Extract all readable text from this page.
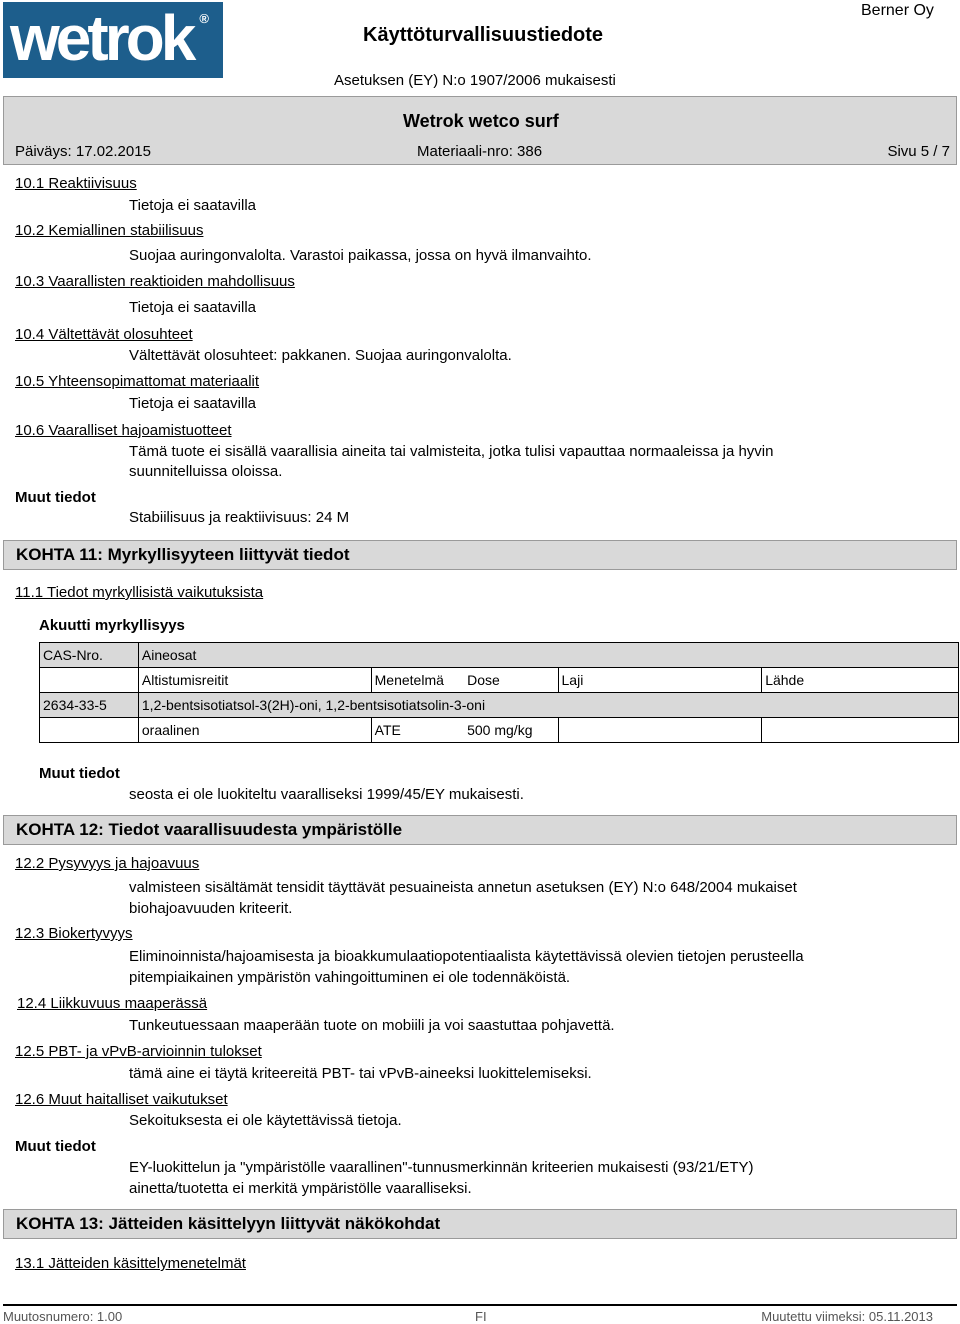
wetrok ®
Käyttöturvallisuustiedote
Berner Oy
Asetuksen (EY) N:o 1907/2006 mukaisesti
Wetrok wetco surf
Päiväys: 17.02.2015	Materiaali-nro: 386	Sivu 5 / 7
10.1 Reaktiivisuus
Tietoja ei saatavilla
10.2 Kemiallinen stabiilisuus
Suojaa auringonvalolta. Varastoi paikassa, jossa on hyvä ilmanvaihto.
10.3 Vaarallisten reaktioiden mahdollisuus
Tietoja ei saatavilla
10.4 Vältettävät olosuhteet
Vältettävät olosuhteet: pakkanen. Suojaa auringonvalolta.
10.5 Yhteensopimattomat materiaalit
Tietoja ei saatavilla
10.6 Vaaralliset hajoamistuotteet
Tämä tuote ei sisällä vaarallisia aineita tai valmisteita, jotka tulisi vapauttaa normaaleissa ja hyvin
suunnitelluissa oloissa.
Muut tiedot
Stabiilisuus ja reaktiivisuus: 24 M
KOHTA 11: Myrkyllisyyteen liittyvät tiedot
11.1 Tiedot myrkyllisistä vaikutuksista
Akuutti myrkyllisyys
CAS-Nro.	Aineosat				
	Altistumisreitit	Menetelmä	Dose	Laji	Lähde
2634-33-5	1,2-bentsisotiatsol-3(2H)-oni, 1,2-bentsisotiatsolin-3-oni				
	oraalinen	ATE	500 mg/kg		
Muut tiedot
seosta ei ole luokiteltu vaaralliseksi 1999/45/EY mukaisesti.
KOHTA 12: Tiedot vaarallisuudesta ympäristölle
12.2 Pysyvyys ja hajoavuus
valmisteen sisältämät tensidit täyttävät pesuaineista annetun asetuksen (EY) N:o 648/2004 mukaiset
biohajoavuuden kriteerit.
12.3 Biokertyvyys
Eliminoinnista/hajoamisesta ja bioakkumulaatiopotentiaalista käytettävissä olevien tietojen perusteella
pitempiaikainen ympäristön vahingoittuminen ei ole todennäköistä.
12.4 Liikkuvuus maaperässä
Tunkeutuessaan maaperään tuote on mobiili ja voi saastuttaa pohjavettä.
12.5 PBT- ja vPvB-arvioinnin tulokset
tämä aine ei täytä kriteereitä PBT- tai vPvB-aineeksi luokittelemiseksi.
12.6 Muut haitalliset vaikutukset
Sekoituksesta ei ole käytettävissä tietoja.
Muut tiedot
EY-luokittelun ja "ympäristölle vaarallinen"-tunnusmerkinnän kriteerien mukaisesti (93/21/ETY)
ainetta/tuotetta ei merkitä ympäristölle vaaralliseksi.
KOHTA 13: Jätteiden käsittelyyn liittyvät näkökohdat
13.1 Jätteiden käsittelymenetelmät
Muutosnumero: 1.00	FI	Muutettu viimeksi: 05.11.2013
